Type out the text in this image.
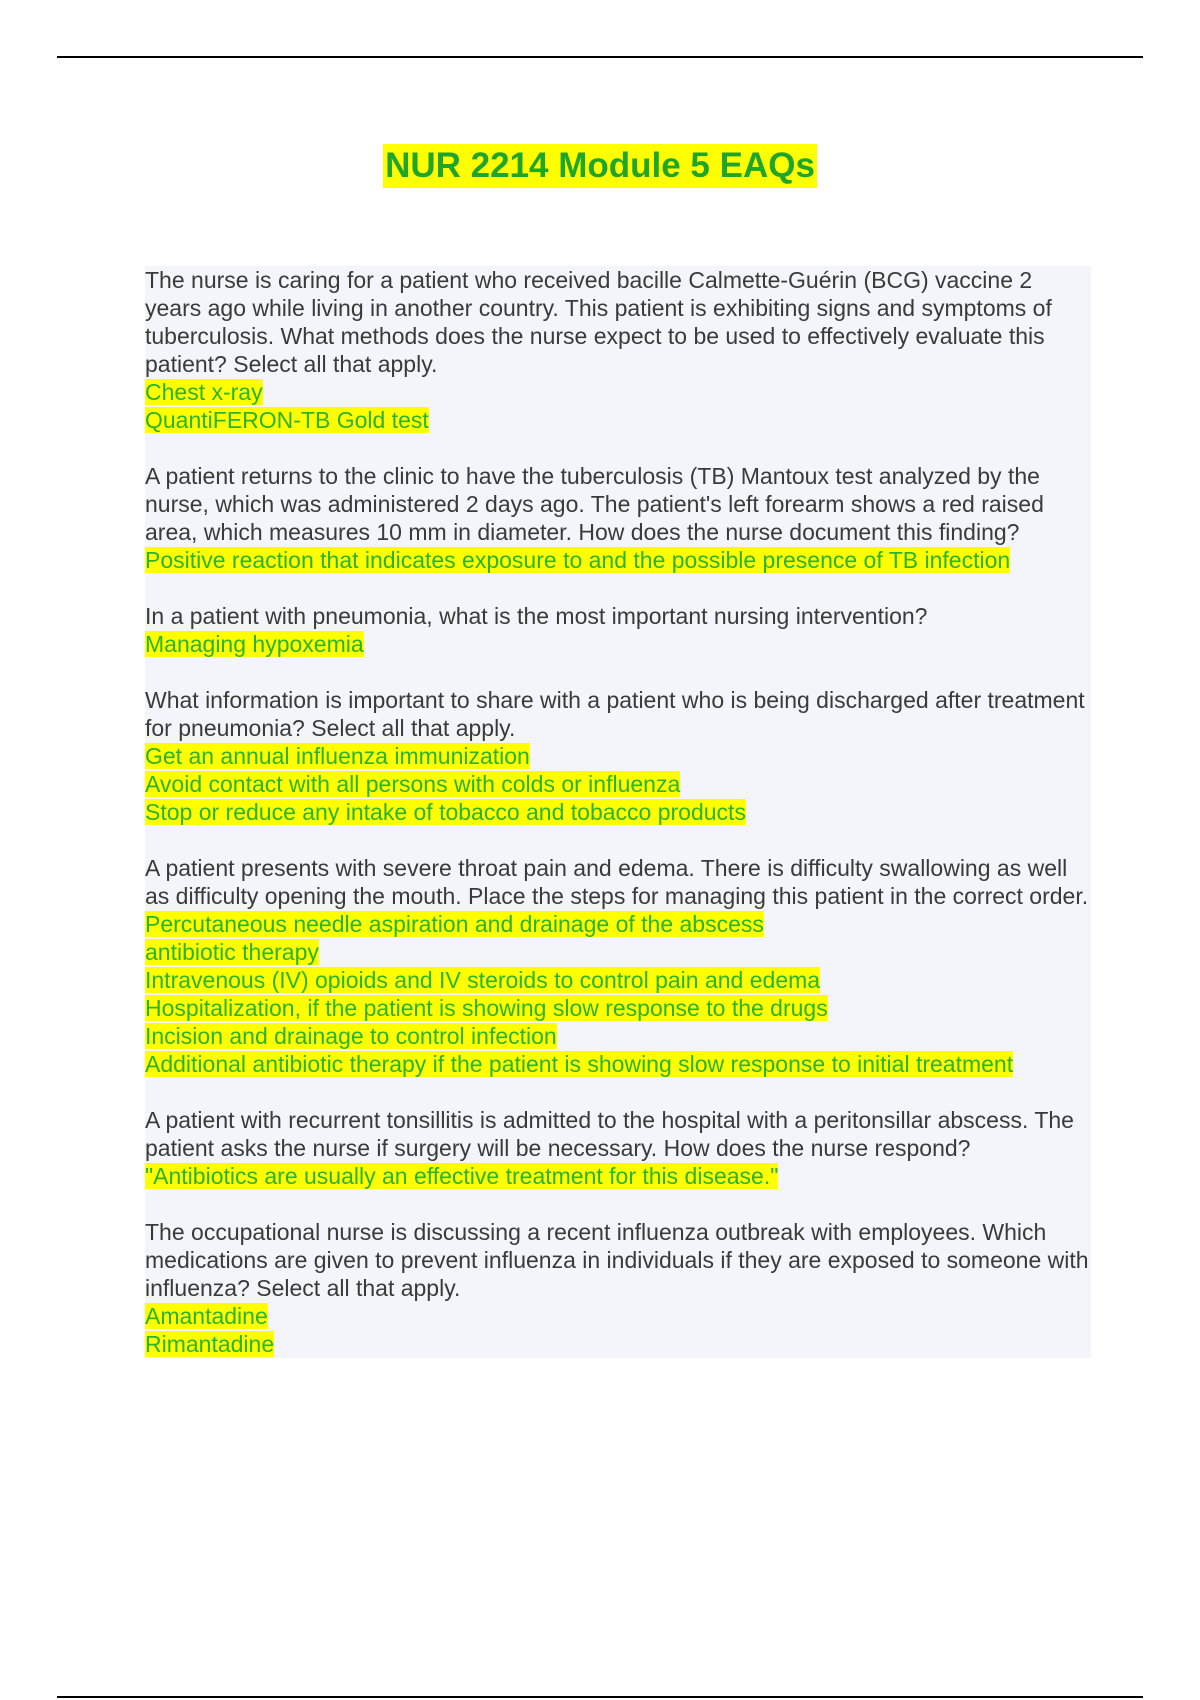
NUR 2214 Module 5 EAQs

The nurse is caring for a patient who received bacille Calmette-Guérin (BCG) vaccine 2 years ago while living in another country. This patient is exhibiting signs and symptoms of tuberculosis. What methods does the nurse expect to be used to effectively evaluate this patient? Select all that apply.

Chest x-ray
QuantiFERON-TB Gold test

A patient returns to the clinic to have the tuberculosis (TB) Mantoux test analyzed by the nurse, which was administered 2 days ago. The patient's left forearm shows a red raised area, which measures 10 mm in diameter. How does the nurse document this finding?

Positive reaction that indicates exposure to and the possible presence of TB infection

In a patient with pneumonia, what is the most important nursing intervention?

Managing hypoxemia

What information is important to share with a patient who is being discharged after treatment for pneumonia? Select all that apply.

Get an annual influenza immunization
Avoid contact with all persons with colds or influenza
Stop or reduce any intake of tobacco and tobacco products

A patient presents with severe throat pain and edema. There is difficulty swallowing as well as difficulty opening the mouth. Place the steps for managing this patient in the correct order.

Percutaneous needle aspiration and drainage of the abscess
antibiotic therapy
Intravenous (IV) opioids and IV steroids to control pain and edema
Hospitalization, if the patient is showing slow response to the drugs
Incision and drainage to control infection
Additional antibiotic therapy if the patient is showing slow response to initial treatment

A patient with recurrent tonsillitis is admitted to the hospital with a peritonsillar abscess. The patient asks the nurse if surgery will be necessary. How does the nurse respond?

"Antibiotics are usually an effective treatment for this disease."

The occupational nurse is discussing a recent influenza outbreak with employees. Which medications are given to prevent influenza in individuals if they are exposed to someone with influenza? Select all that apply.

Amantadine
Rimantadine
